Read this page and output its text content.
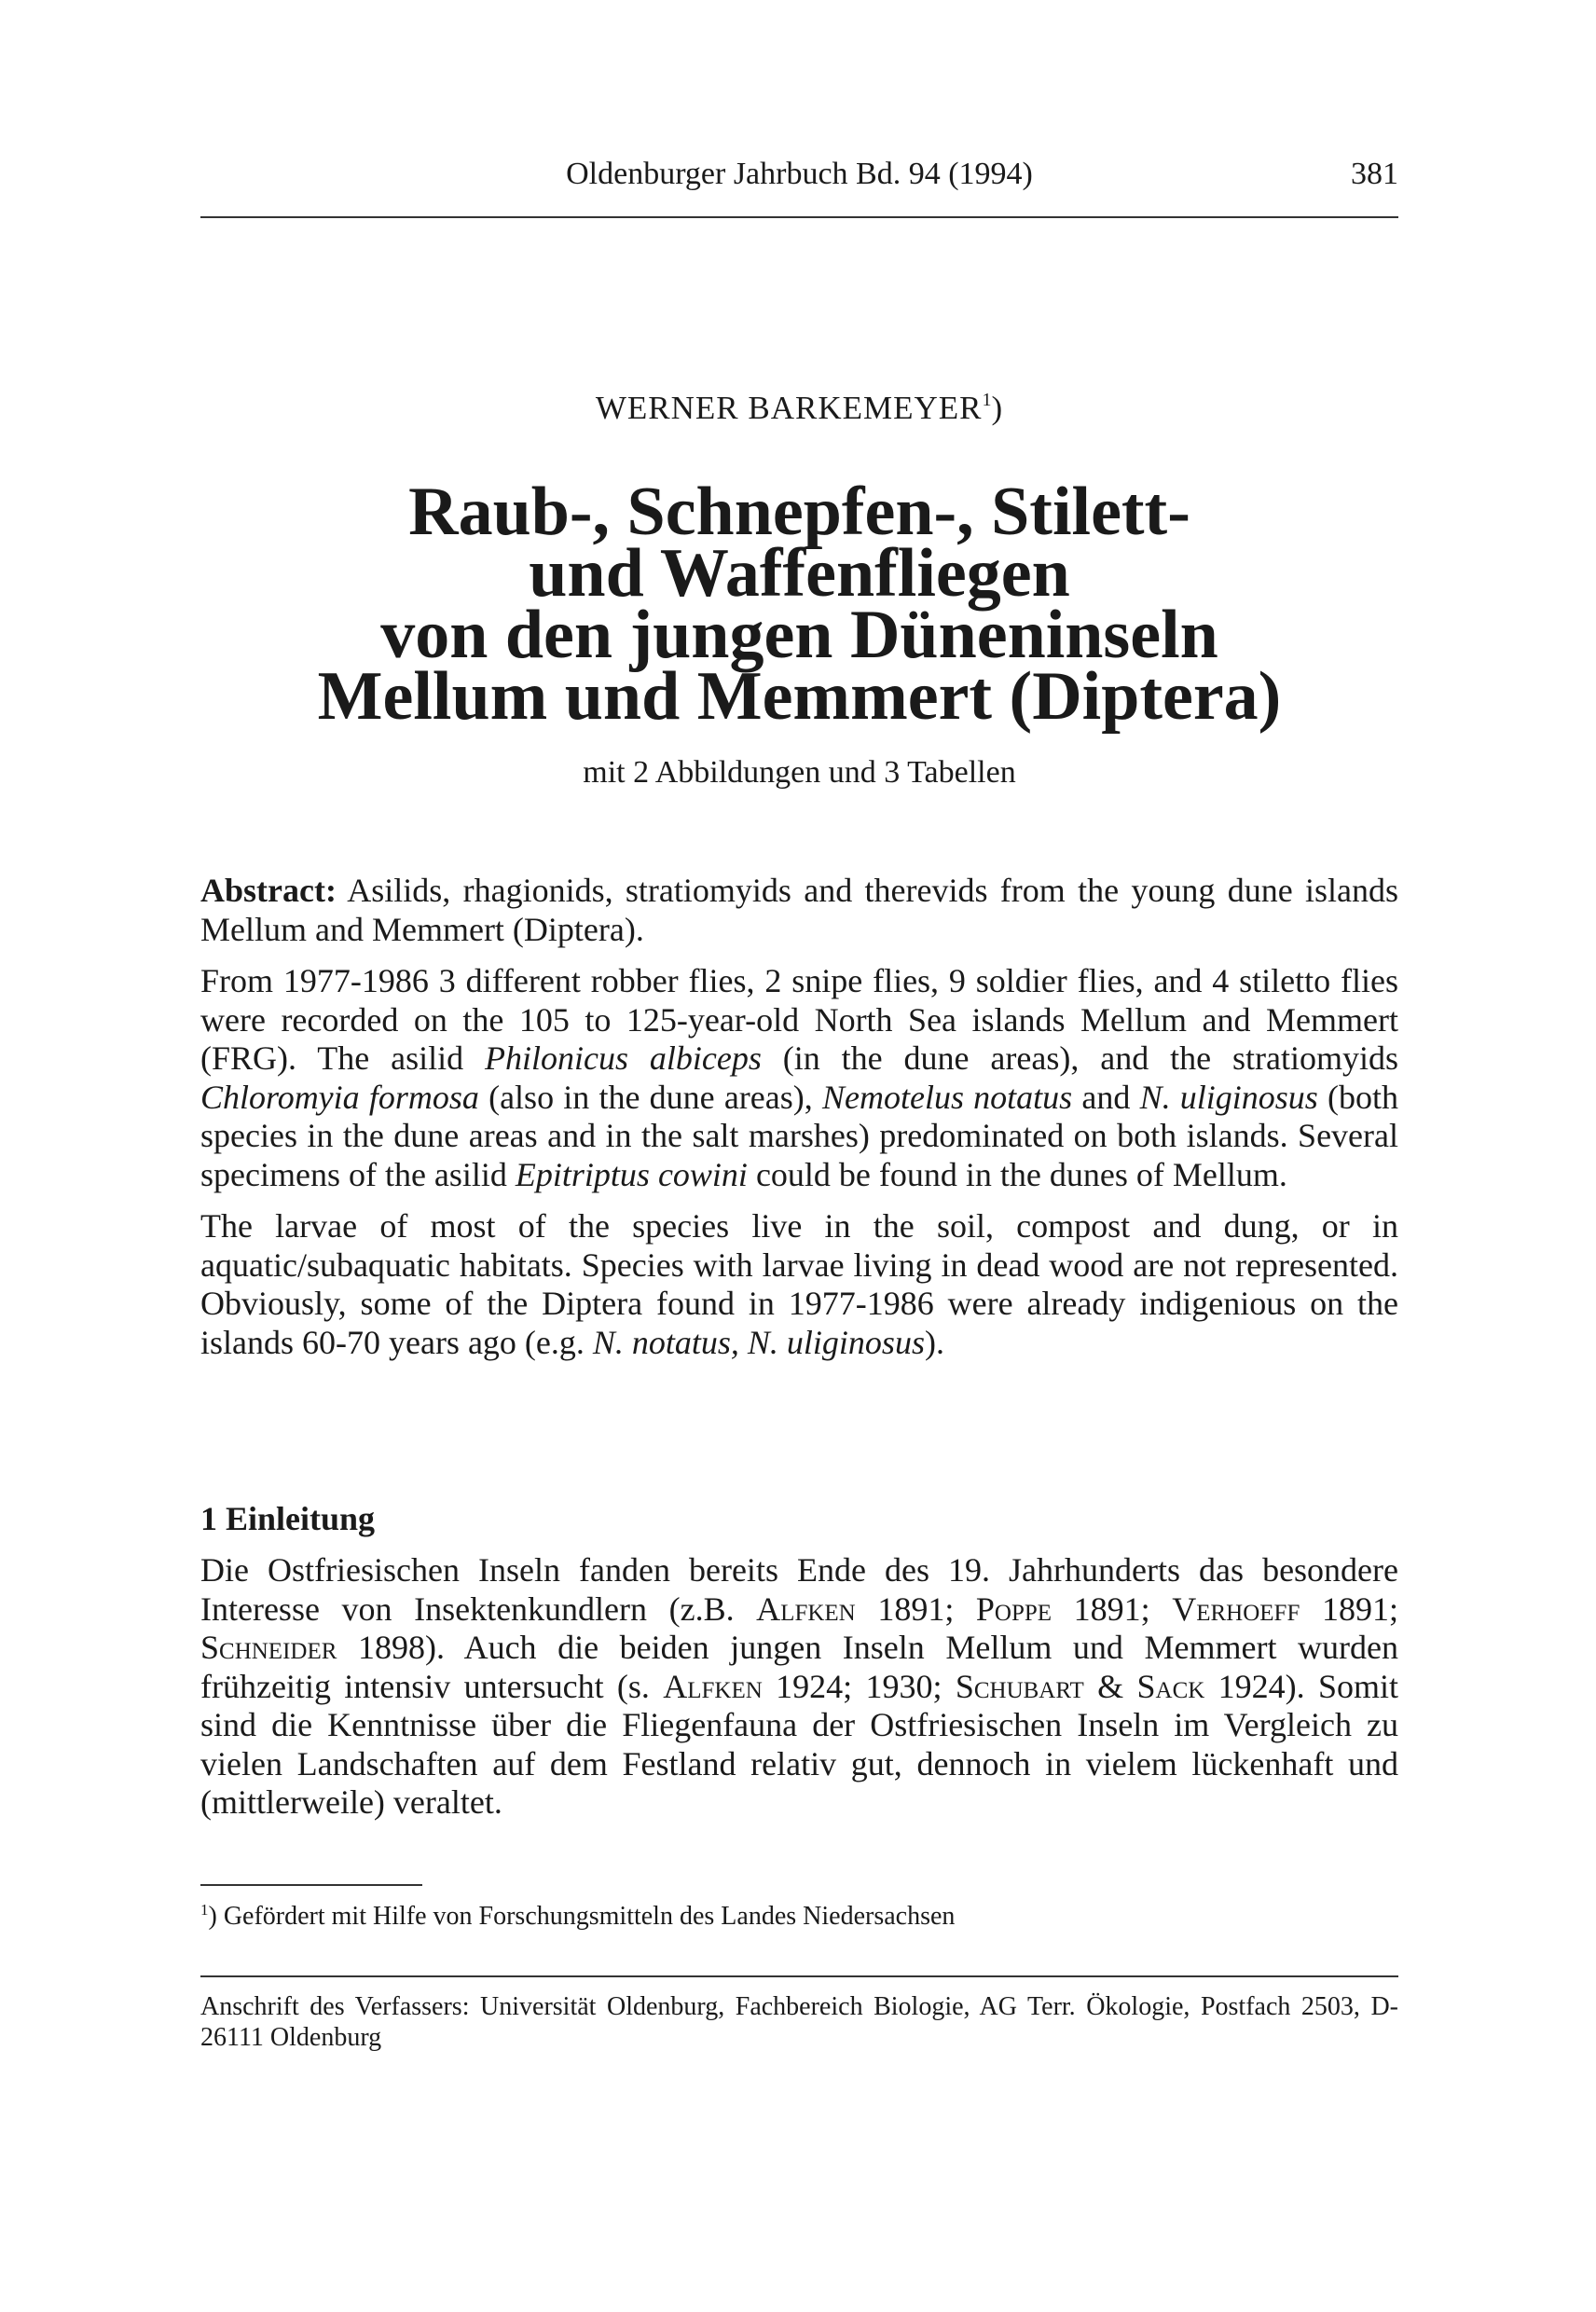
Oldenburger Jahrbuch Bd. 94 (1994)	381
WERNER BARKEMEYER$^1$)
Raub-, Schnepfen-, Stilett-
und Waffenfliegen
von den jungen Düneninseln
Mellum und Memmert (Diptera)
mit 2 Abbildungen und 3 Tabellen

Abstract: Asilids, rhagionids, stratiomyids and therevids from the young dune islands Mellum and Memmert (Diptera).

From 1977-1986 3 different robber flies, 2 snipe flies, 9 soldier flies, and 4 stiletto flies were recorded on the 105 to 125-year-old North Sea islands Mellum and Memmert (FRG). The asilid Philonicus albiceps (in the dune areas), and the stratiomyids Chloromyia formosa (also in the dune areas), Nemotelus notatus and N. uliginosus (both species in the dune areas and in the salt marshes) predominated on both islands. Several specimens of the asilid Epitriptus cowini could be found in the dunes of Mellum.

The larvae of most of the species live in the soil, compost and dung, or in aquatic/subaquatic habitats. Species with larvae living in dead wood are not represented. Obviously, some of the Diptera found in 1977-1986 were already indigenious on the islands 60-70 years ago (e.g. N. notatus, N. uliginosus).

1 Einleitung

Die Ostfriesischen Inseln fanden bereits Ende des 19. Jahrhunderts das besondere Interesse von Insektenkundlern (z.B. Alfken 1891; Poppe 1891; Verhoeff 1891; Schneider 1898). Auch die beiden jungen Inseln Mellum und Memmert wurden frühzeitig intensiv untersucht (s. Alfken 1924; 1930; Schubart & Sack 1924). Somit sind die Kenntnisse über die Fliegenfauna der Ostfriesischen Inseln im Vergleich zu vielen Landschaften auf dem Festland relativ gut, dennoch in vielem lückenhaft und (mittlerweile) veraltet.

$^1$) Gefördert mit Hilfe von Forschungsmitteln des Landes Niedersachsen
Anschrift des Verfassers: Universität Oldenburg, Fachbereich Biologie, AG Terr. Ökologie, Postfach 2503, D-26111 Oldenburg
